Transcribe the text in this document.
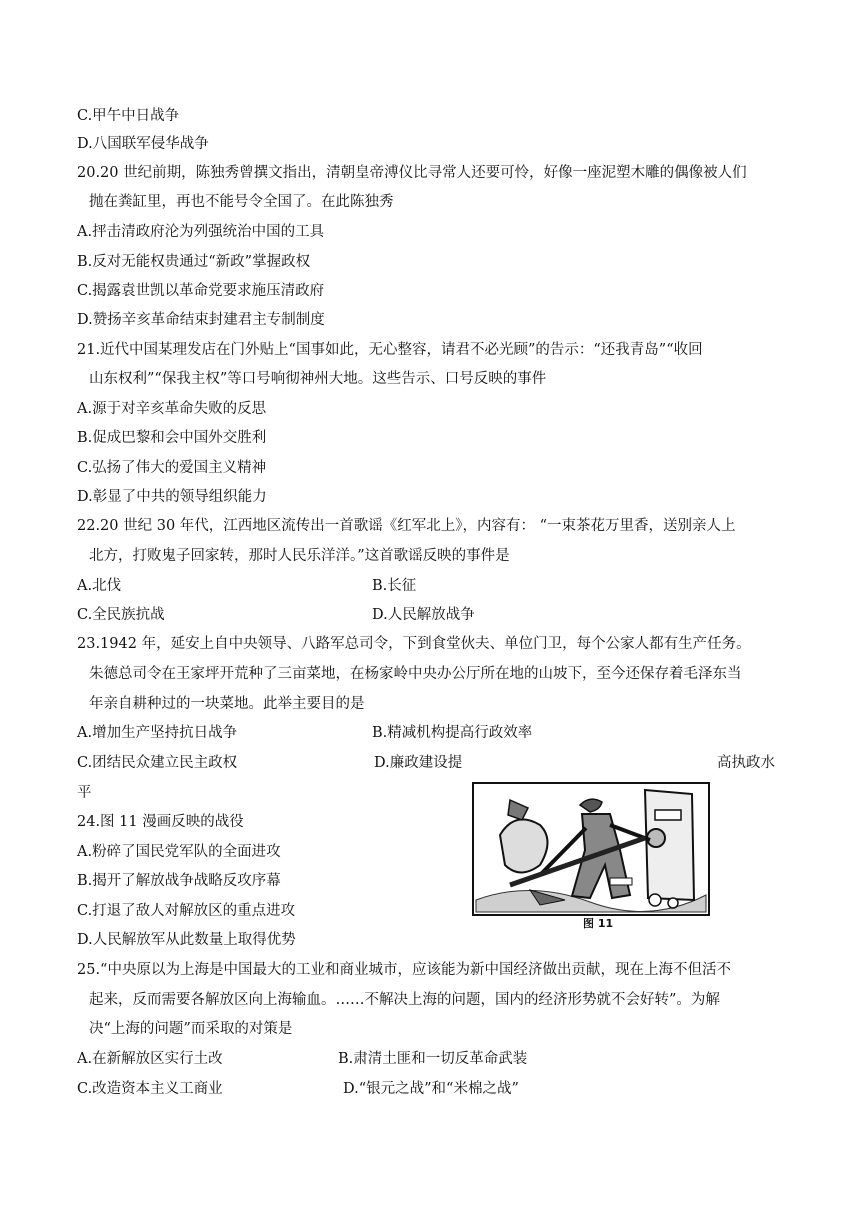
C.甲午中日战争
D.八国联军侵华战争
20.20 世纪前期，陈独秀曾撰文指出，清朝皇帝溥仪比寻常人还要可怜，好像一座泥塑木雕的偶像被人们
抛在粪缸里，再也不能号令全国了。在此陈独秀
A.抨击清政府沦为列强统治中国的工具
B.反对无能权贵通过“新政”掌握政权
C.揭露袁世凯以革命党要求施压清政府
D.赞扬辛亥革命结束封建君主专制制度
21.近代中国某理发店在门外贴上“国事如此，无心整容，请君不必光顾”的告示：“还我青岛”“收回
山东权利”“保我主权”等口号响彻神州大地。这些告示、口号反映的事件
A.源于对辛亥革命失败的反思
B.促成巴黎和会中国外交胜利
C.弘扬了伟大的爱国主义精神
D.彰显了中共的领导组织能力
22.20 世纪 30 年代，江西地区流传出一首歌谣《红军北上》，内容有： “一束茶花万里香，送别亲人上
北方，打败鬼子回家转，那时人民乐洋洋。”这首歌谣反映的事件是
A.北伐	B.长征
C.全民族抗战	D.人民解放战争
23.1942 年，延安上自中央领导、八路军总司令，下到食堂伙夫、单位门卫，每个公家人都有生产任务。
朱德总司令在王家坪开荒种了三亩菜地，在杨家岭中央办公厅所在地的山坡下，至今还保存着毛泽东当
年亲自耕种过的一块菜地。此举主要目的是
A.增加生产坚持抗日战争	B.精减机构提高行政效率
C.团结民众建立民主政权	D.廉政建设提	高执政水
平
24.图 11 漫画反映的战役
A.粉碎了国民党军队的全面进攻
B.揭开了解放战争战略反攻序幕
C.打退了敌人对解放区的重点进攻
D.人民解放军从此数量上取得优势
图 11
25.“中央原以为上海是中国最大的工业和商业城市，应该能为新中国经济做出贡献，现在上海不但活不
起来，反而需要各解放区向上海输血。……不解决上海的问题，国内的经济形势就不会好转”。为解
决“上海的问题”而采取的对策是
A.在新解放区实行土改	B.肃清土匪和一切反革命武装
C.改造资本主义工商业	D.“银元之战”和“米棉之战”
